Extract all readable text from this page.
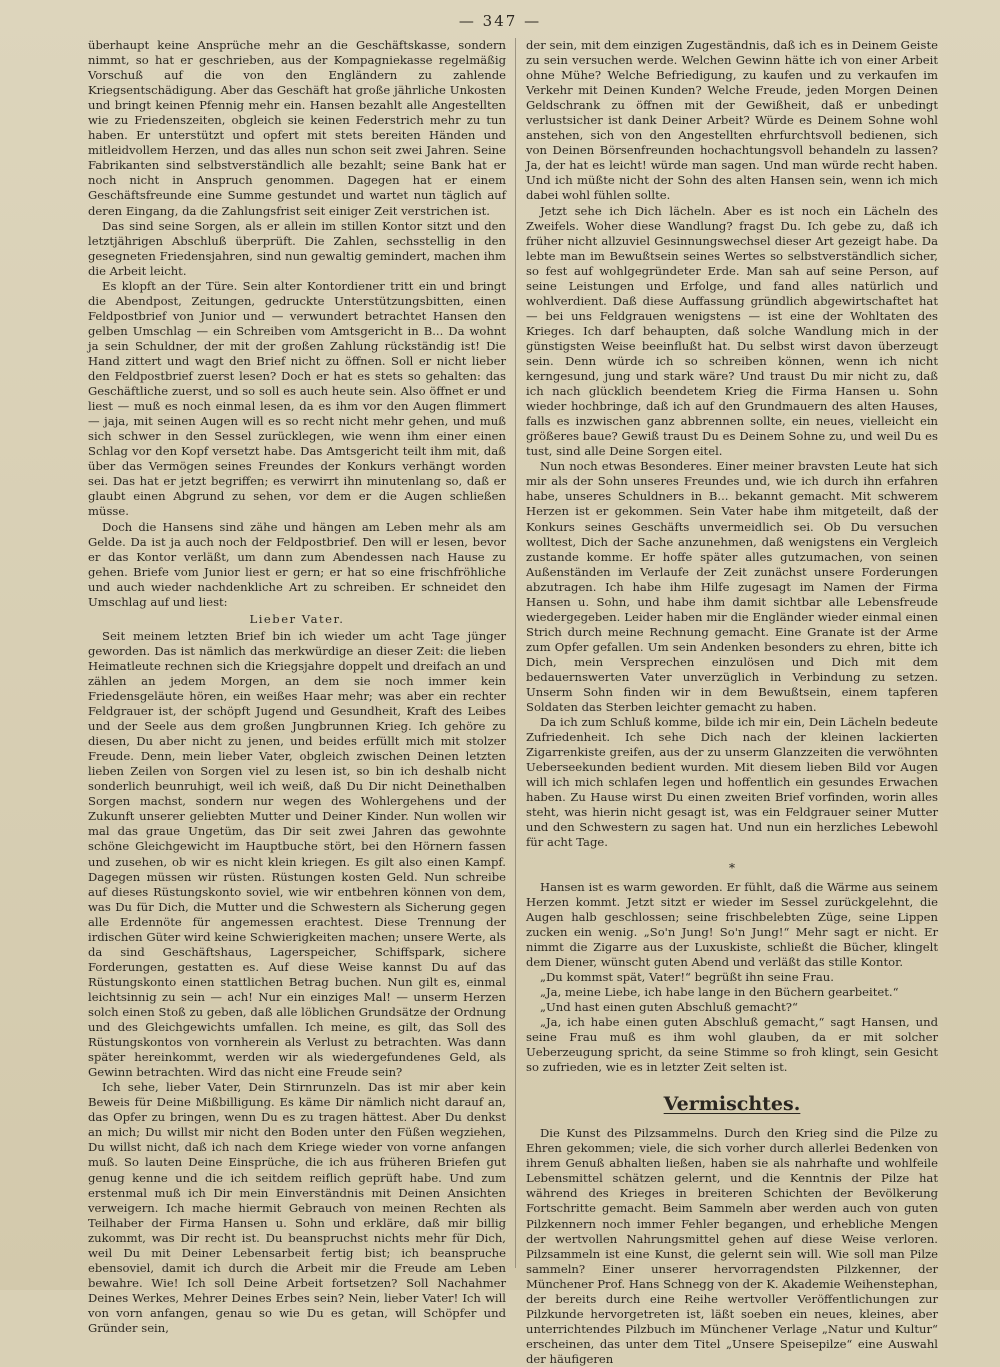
— 347 —

überhaupt keine Ansprüche mehr an die Geschäftskasse, sondern nimmt, so hat er geschrieben, aus der Kompagniekasse regelmäßig Vorschuß auf die von den Engländern zu zahlende Kriegsentschädigung. Aber das Geschäft hat große jährliche Unkosten und bringt keinen Pfennig mehr ein. Hansen bezahlt alle Angestellten wie zu Friedenszeiten, obgleich sie keinen Federstrich mehr zu tun haben. Er unterstützt und opfert mit stets bereiten Händen und mitleidvollem Herzen, und das alles nun schon seit zwei Jahren. Seine Fabrikanten sind selbstverständlich alle bezahlt; seine Bank hat er noch nicht in Anspruch genommen. Dagegen hat er einem Geschäftsfreunde eine Summe gestundet und wartet nun täglich auf deren Eingang, da die Zahlungsfrist seit einiger Zeit verstrichen ist.

Das sind seine Sorgen, als er allein im stillen Kontor sitzt und den letztjährigen Abschluß überprüft. Die Zahlen, sechsstellig in den gesegneten Friedensjahren, sind nun gewaltig gemindert, machen ihm die Arbeit leicht.

Es klopft an der Türe. Sein alter Kontordiener tritt ein und bringt die Abendpost, Zeitungen, gedruckte Unterstützungsbitten, einen Feldpostbrief von Junior und — verwundert betrachtet Hansen den gelben Umschlag — ein Schreiben vom Amtsgericht in B... Da wohnt ja sein Schuldner, der mit der großen Zahlung rückständig ist! Die Hand zittert und wagt den Brief nicht zu öffnen. Soll er nicht lieber den Feldpostbrief zuerst lesen? Doch er hat es stets so gehalten: das Geschäftliche zuerst, und so soll es auch heute sein. Also öffnet er und liest — muß es noch einmal lesen, da es ihm vor den Augen flimmert — jaja, mit seinen Augen will es so recht nicht mehr gehen, und muß sich schwer in den Sessel zurücklegen, wie wenn ihm einer einen Schlag vor den Kopf versetzt habe. Das Amtsgericht teilt ihm mit, daß über das Vermögen seines Freundes der Konkurs verhängt worden sei. Das hat er jetzt begriffen; es verwirrt ihn minutenlang so, daß er glaubt einen Abgrund zu sehen, vor dem er die Augen schließen müsse.

Doch die Hansens sind zähe und hängen am Leben mehr als am Gelde. Da ist ja auch noch der Feldpostbrief. Den will er lesen, bevor er das Kontor verläßt, um dann zum Abendessen nach Hause zu gehen. Briefe vom Junior liest er gern; er hat so eine frischfröhliche und auch wieder nachdenkliche Art zu schreiben. Er schneidet den Umschlag auf und liest:

Lieber Vater.

Seit meinem letzten Brief bin ich wieder um acht Tage jünger geworden. Das ist nämlich das merkwürdige an dieser Zeit: die lieben Heimatleute rechnen sich die Kriegsjahre doppelt und dreifach an und zählen an jedem Morgen, an dem sie noch immer kein Friedensgeläute hören, ein weißes Haar mehr; was aber ein rechter Feldgrauer ist, der schöpft Jugend und Gesundheit, Kraft des Leibes und der Seele aus dem großen Jungbrunnen Krieg. Ich gehöre zu diesen, Du aber nicht zu jenen, und beides erfüllt mich mit stolzer Freude. Denn, mein lieber Vater, obgleich zwischen Deinen letzten lieben Zeilen von Sorgen viel zu lesen ist, so bin ich deshalb nicht sonderlich beunruhigt, weil ich weiß, daß Du Dir nicht Deinethalben Sorgen machst, sondern nur wegen des Wohlergehens und der Zukunft unserer geliebten Mutter und Deiner Kinder. Nun wollen wir mal das graue Ungetüm, das Dir seit zwei Jahren das gewohnte schöne Gleichgewicht im Hauptbuche stört, bei den Hörnern fassen und zusehen, ob wir es nicht klein kriegen. Es gilt also einen Kampf. Dagegen müssen wir rüsten. Rüstungen kosten Geld. Nun schreibe auf dieses Rüstungskonto soviel, wie wir entbehren können von dem, was Du für Dich, die Mutter und die Schwestern als Sicherung gegen alle Erdennöte für angemessen erachtest. Diese Trennung der irdischen Güter wird keine Schwierigkeiten machen; unsere Werte, als da sind Geschäftshaus, Lagerspeicher, Schiffspark, sichere Forderungen, gestatten es. Auf diese Weise kannst Du auf das Rüstungskonto einen stattlichen Betrag buchen. Nun gilt es, einmal leichtsinnig zu sein — ach! Nur ein einziges Mal! — unserm Herzen solch einen Stoß zu geben, daß alle löblichen Grundsätze der Ordnung und des Gleichgewichts umfallen. Ich meine, es gilt, das Soll des Rüstungskontos von vornherein als Verlust zu betrachten. Was dann später hereinkommt, werden wir als wiedergefundenes Geld, als Gewinn betrachten. Wird das nicht eine Freude sein?

Ich sehe, lieber Vater, Dein Stirnrunzeln. Das ist mir aber kein Beweis für Deine Mißbilligung. Es käme Dir nämlich nicht darauf an, das Opfer zu bringen, wenn Du es zu tragen hättest. Aber Du denkst an mich; Du willst mir nicht den Boden unter den Füßen wegziehen, Du willst nicht, daß ich nach dem Kriege wieder von vorne anfangen muß. So lauten Deine Einsprüche, die ich aus früheren Briefen gut genug kenne und die ich seitdem reiflich geprüft habe. Und zum erstenmal muß ich Dir mein Einverständnis mit Deinen Ansichten verweigern. Ich mache hiermit Gebrauch von meinen Rechten als Teilhaber der Firma Hansen u. Sohn und erkläre, daß mir billig zukommt, was Dir recht ist. Du beanspruchst nichts mehr für Dich, weil Du mit Deiner Lebensarbeit fertig bist; ich beanspruche ebensoviel, damit ich durch die Arbeit mir die Freude am Leben bewahre. Wie! Ich soll Deine Arbeit fortsetzen? Soll Nachahmer Deines Werkes, Mehrer Deines Erbes sein? Nein, lieber Vater! Ich will von vorn anfangen, genau so wie Du es getan, will Schöpfer und Gründer sein,

der sein, mit dem einzigen Zugeständnis, daß ich es in Deinem Geiste zu sein versuchen werde. Welchen Gewinn hätte ich von einer Arbeit ohne Mühe? Welche Befriedigung, zu kaufen und zu verkaufen im Verkehr mit Deinen Kunden? Welche Freude, jeden Morgen Deinen Geldschrank zu öffnen mit der Gewißheit, daß er unbedingt verlustsicher ist dank Deiner Arbeit? Würde es Deinem Sohne wohl anstehen, sich von den Angestellten ehrfurchtsvoll bedienen, sich von Deinen Börsenfreunden hochachtungsvoll behandeln zu lassen? Ja, der hat es leicht! würde man sagen. Und man würde recht haben. Und ich müßte nicht der Sohn des alten Hansen sein, wenn ich mich dabei wohl fühlen sollte.

Jetzt sehe ich Dich lächeln. Aber es ist noch ein Lächeln des Zweifels. Woher diese Wandlung? fragst Du. Ich gebe zu, daß ich früher nicht allzuviel Gesinnungswechsel dieser Art gezeigt habe. Da lebte man im Bewußtsein seines Wertes so selbstverständlich sicher, so fest auf wohlgegründeter Erde. Man sah auf seine Person, auf seine Leistungen und Erfolge, und fand alles natürlich und wohlverdient. Daß diese Auffassung gründlich abgewirtschaftet hat — bei uns Feldgrauen wenigstens — ist eine der Wohltaten des Krieges. Ich darf behaupten, daß solche Wandlung mich in der günstigsten Weise beeinflußt hat. Du selbst wirst davon überzeugt sein. Denn würde ich so schreiben können, wenn ich nicht kerngesund, jung und stark wäre? Und traust Du mir nicht zu, daß ich nach glücklich beendetem Krieg die Firma Hansen u. Sohn wieder hochbringe, daß ich auf den Grundmauern des alten Hauses, falls es inzwischen ganz abbrennen sollte, ein neues, vielleicht ein größeres baue? Gewiß traust Du es Deinem Sohne zu, und weil Du es tust, sind alle Deine Sorgen eitel.

Nun noch etwas Besonderes. Einer meiner bravsten Leute hat sich mir als der Sohn unseres Freundes und, wie ich durch ihn erfahren habe, unseres Schuldners in B... bekannt gemacht. Mit schwerem Herzen ist er gekommen. Sein Vater habe ihm mitgeteilt, daß der Konkurs seines Geschäfts unvermeidlich sei. Ob Du versuchen wolltest, Dich der Sache anzunehmen, daß wenigstens ein Vergleich zustande komme. Er hoffe später alles gutzumachen, von seinen Außenständen im Verlaufe der Zeit zunächst unsere Forderungen abzutragen. Ich habe ihm Hilfe zugesagt im Namen der Firma Hansen u. Sohn, und habe ihm damit sichtbar alle Lebensfreude wiedergegeben. Leider haben mir die Engländer wieder einmal einen Strich durch meine Rechnung gemacht. Eine Granate ist der Arme zum Opfer gefallen. Um sein Andenken besonders zu ehren, bitte ich Dich, mein Versprechen einzulösen und Dich mit dem bedauernswerten Vater unverzüglich in Verbindung zu setzen. Unserm Sohn finden wir in dem Bewußtsein, einem tapferen Soldaten das Sterben leichter gemacht zu haben.

Da ich zum Schluß komme, bilde ich mir ein, Dein Lächeln bedeute Zufriedenheit. Ich sehe Dich nach der kleinen lackierten Zigarrenkiste greifen, aus der zu unserm Glanzzeiten die verwöhnten Ueberseekunden bedient wurden. Mit diesem lieben Bild vor Augen will ich mich schlafen legen und hoffentlich ein gesundes Erwachen haben. Zu Hause wirst Du einen zweiten Brief vorfinden, worin alles steht, was hierin nicht gesagt ist, was ein Feldgrauer seiner Mutter und den Schwestern zu sagen hat. Und nun ein herzliches Lebewohl für acht Tage.

*

Hansen ist es warm geworden. Er fühlt, daß die Wärme aus seinem Herzen kommt. Jetzt sitzt er wieder im Sessel zurückgelehnt, die Augen halb geschlossen; seine frischbelebten Züge, seine Lippen zucken ein wenig. „So'n Jung! So'n Jung!“ Mehr sagt er nicht. Er nimmt die Zigarre aus der Luxuskiste, schließt die Bücher, klingelt dem Diener, wünscht guten Abend und verläßt das stille Kontor.

„Du kommst spät, Vater!“ begrüßt ihn seine Frau.

„Ja, meine Liebe, ich habe lange in den Büchern gearbeitet.“

„Und hast einen guten Abschluß gemacht?“

„Ja, ich habe einen guten Abschluß gemacht,“ sagt Hansen, und seine Frau muß es ihm wohl glauben, da er mit solcher Ueberzeugung spricht, da seine Stimme so froh klingt, sein Gesicht so zufrieden, wie es in letzter Zeit selten ist.

Vermischtes.

Die Kunst des Pilzsammelns. Durch den Krieg sind die Pilze zu Ehren gekommen; viele, die sich vorher durch allerlei Bedenken von ihrem Genuß abhalten ließen, haben sie als nahrhafte und wohlfeile Lebensmittel schätzen gelernt, und die Kenntnis der Pilze hat während des Krieges in breiteren Schichten der Bevölkerung Fortschritte gemacht. Beim Sammeln aber werden auch von guten Pilzkennern noch immer Fehler begangen, und erhebliche Mengen der wertvollen Nahrungsmittel gehen auf diese Weise verloren. Pilzsammeln ist eine Kunst, die gelernt sein will. Wie soll man Pilze sammeln? Einer unserer hervorragendsten Pilzkenner, der Münchener Prof. Hans Schnegg von der K. Akademie Weihenstephan, der bereits durch eine Reihe wertvoller Veröffentlichungen zur Pilzkunde hervorgetreten ist, läßt soeben ein neues, kleines, aber unterrichtendes Pilzbuch im Münchener Verlage „Natur und Kultur“ erscheinen, das unter dem Titel „Unsere Speisepilze“ eine Auswahl der häufigeren
